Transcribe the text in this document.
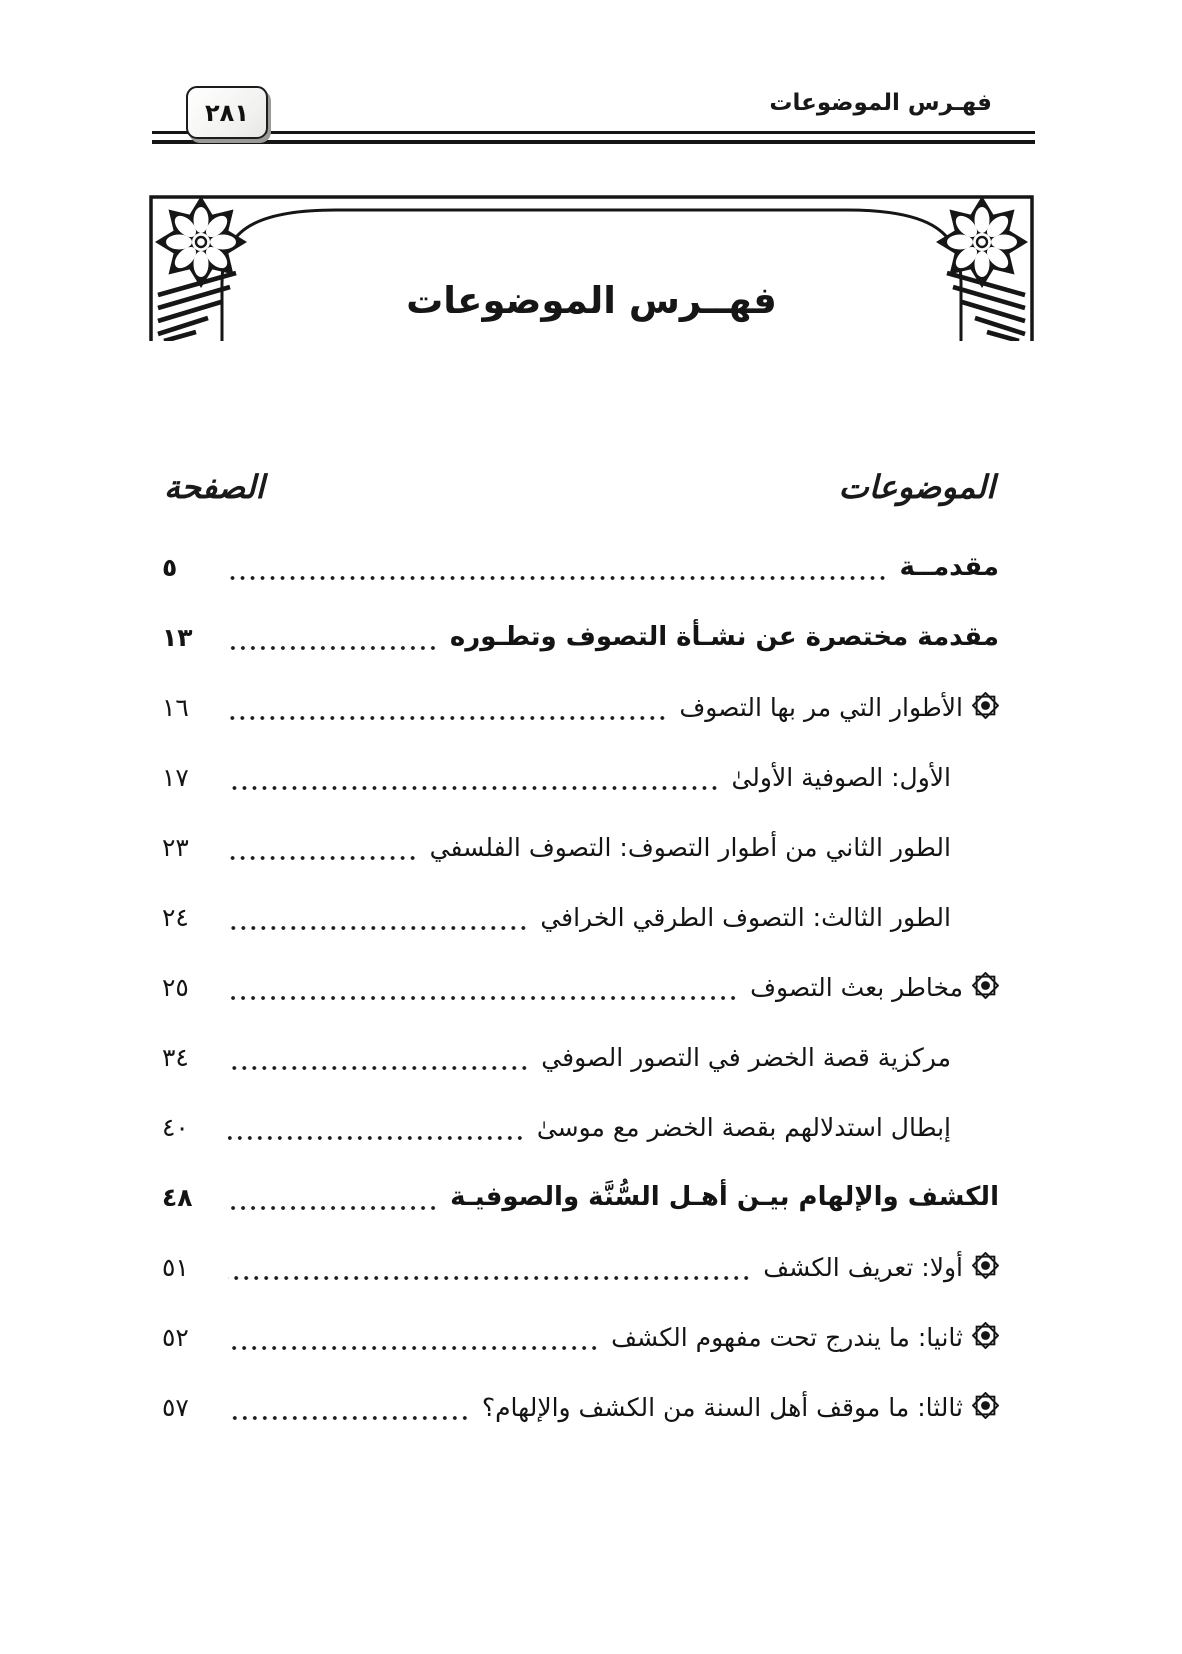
فهـرس الموضوعات
٢٨١
فهــرس الموضوعات
الموضوعات
الصفحة
مقدمــة
٥
مقدمة مختصرة عن نشـأة التصوف وتطـوره
١٣
الأطوار التي مر بها التصوف
١٦
الأول: الصوفية الأولىٰ
١٧
الطور الثاني من أطوار التصوف: التصوف الفلسفي
٢٣
الطور الثالث: التصوف الطرقي الخرافي
٢٤
مخاطر بعث التصوف
٢٥
مركزية قصة الخضر في التصور الصوفي
٣٤
إبطال استدلالهم بقصة الخضر مع موسىٰ
٤٠
الكشف والإلهام بيـن أهـل السُّنَّة والصوفيـة
٤٨
أولا: تعريف الكشف
٥١
ثانيا: ما يندرج تحت مفهوم الكشف
٥٢
ثالثا: ما موقف أهل السنة من الكشف والإلهام؟
٥٧
